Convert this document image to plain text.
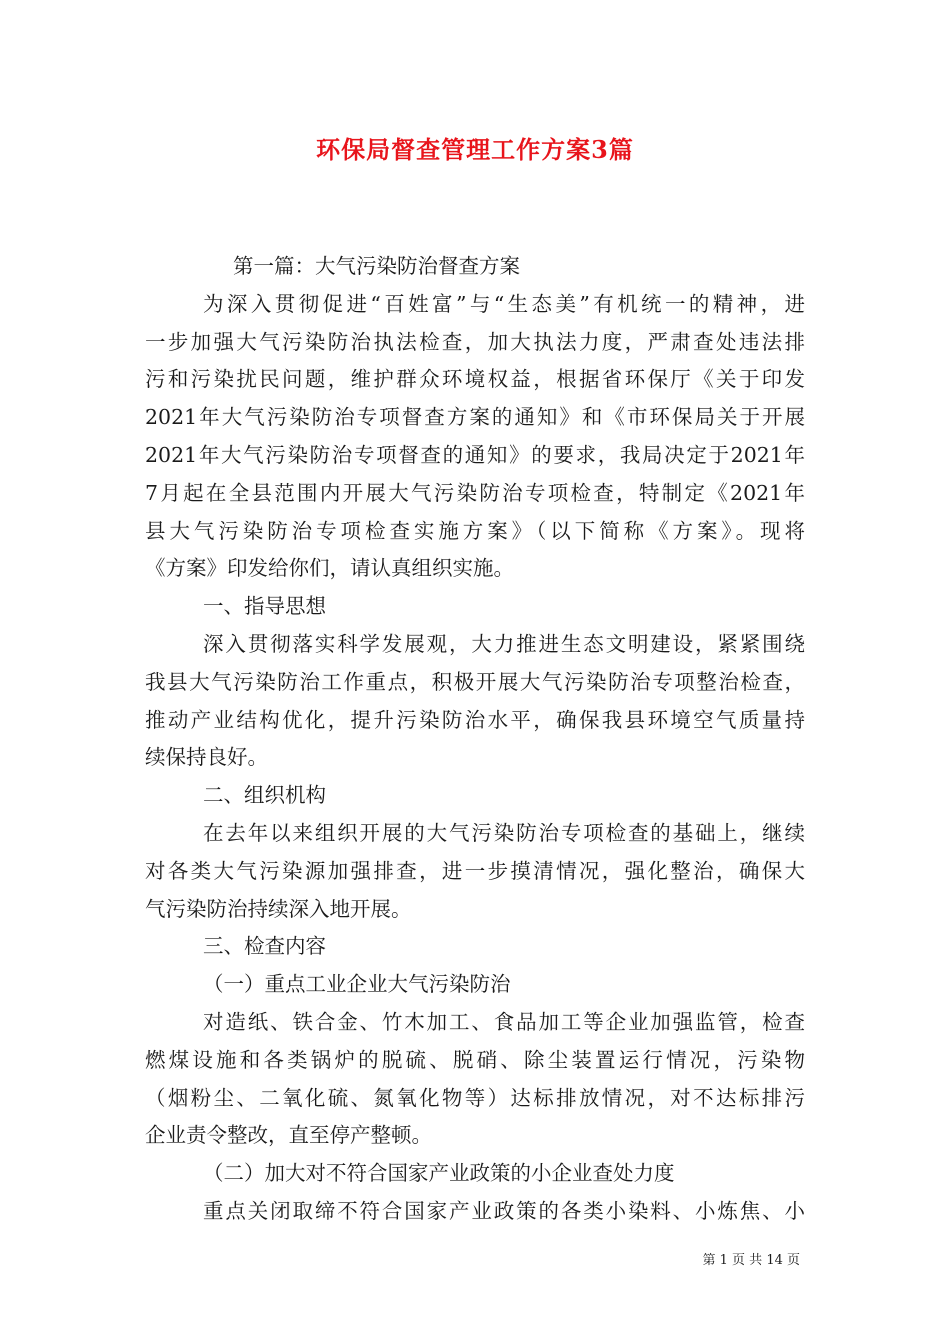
环保局督查管理工作方案3篇
第一篇：大气污染防治督查方案
为深入贯彻促进“百姓富”与“生态美”有机统一的精神，进
一步加强大气污染防治执法检查，加大执法力度，严肃查处违法排
污和污染扰民问题，维护群众环境权益，根据省环保厅《关于印发
2021年大气污染防治专项督查方案的通知》和《市环保局关于开展
2021年大气污染防治专项督查的通知》的要求，我局决定于2021年
7月起在全县范围内开展大气污染防治专项检查，特制定《2021年
县大气污染防治专项检查实施方案》（以下简称《方案》。现将
《方案》印发给你们，请认真组织实施。
一、指导思想
深入贯彻落实科学发展观，大力推进生态文明建设，紧紧围绕
我县大气污染防治工作重点，积极开展大气污染防治专项整治检查，
推动产业结构优化，提升污染防治水平，确保我县环境空气质量持
续保持良好。
二、组织机构
在去年以来组织开展的大气污染防治专项检查的基础上，继续
对各类大气污染源加强排查，进一步摸清情况，强化整治，确保大
气污染防治持续深入地开展。
三、检查内容
（一）重点工业企业大气污染防治
对造纸、铁合金、竹木加工、食品加工等企业加强监管，检查
燃煤设施和各类锅炉的脱硫、脱硝、除尘装置运行情况，污染物
（烟粉尘、二氧化硫、氮氧化物等）达标排放情况，对不达标排污
企业责令整改，直至停产整顿。
（二）加大对不符合国家产业政策的小企业查处力度
重点关闭取缔不符合国家产业政策的各类小染料、小炼焦、小
第 1 页 共 14 页
